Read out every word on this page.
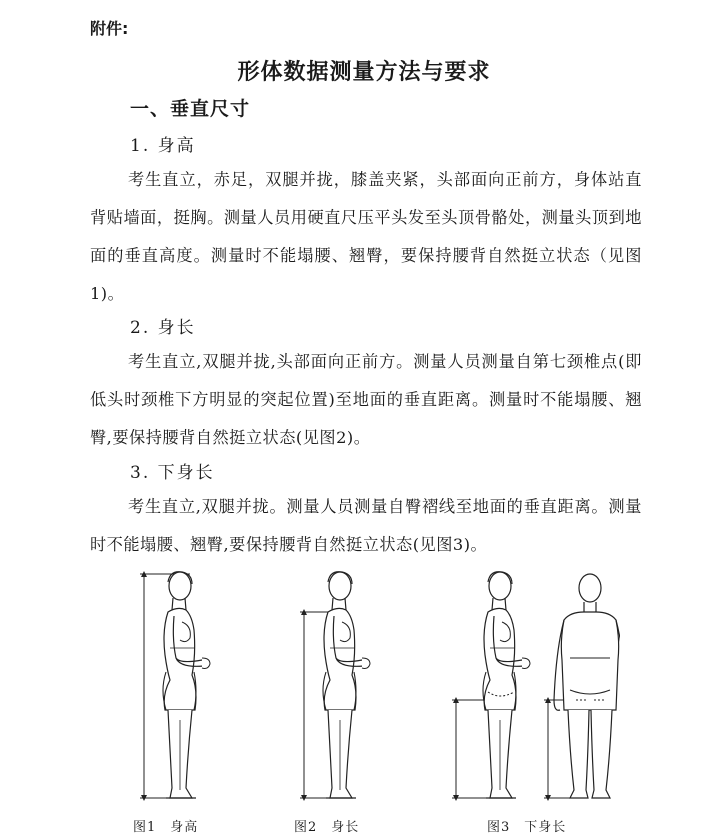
附件:
形体数据测量方法与要求
一、垂直尺寸
1. 身高

考生直立，赤足，双腿并拢，膝盖夹紧，头部面向正前方，身体站直背贴墙面，挺胸。测量人员用硬直尺压平头发至头顶骨骼处，测量头顶到地面的垂直高度。测量时不能塌腰、翘臀，要保持腰背自然挺立状态（见图1)。

2. 身长

考生直立,双腿并拢,头部面向正前方。测量人员测量自第七颈椎点(即低头时颈椎下方明显的突起位置)至地面的垂直距离。测量时不能塌腰、翘臀,要保持腰背自然挺立状态(见图2)。

3. 下身长

考生直立,双腿并拢。测量人员测量自臀褶线至地面的垂直距离。测量时不能塌腰、翘臀,要保持腰背自然挺立状态(见图3)。

图1 身高	图2 身长	图3 下身长
